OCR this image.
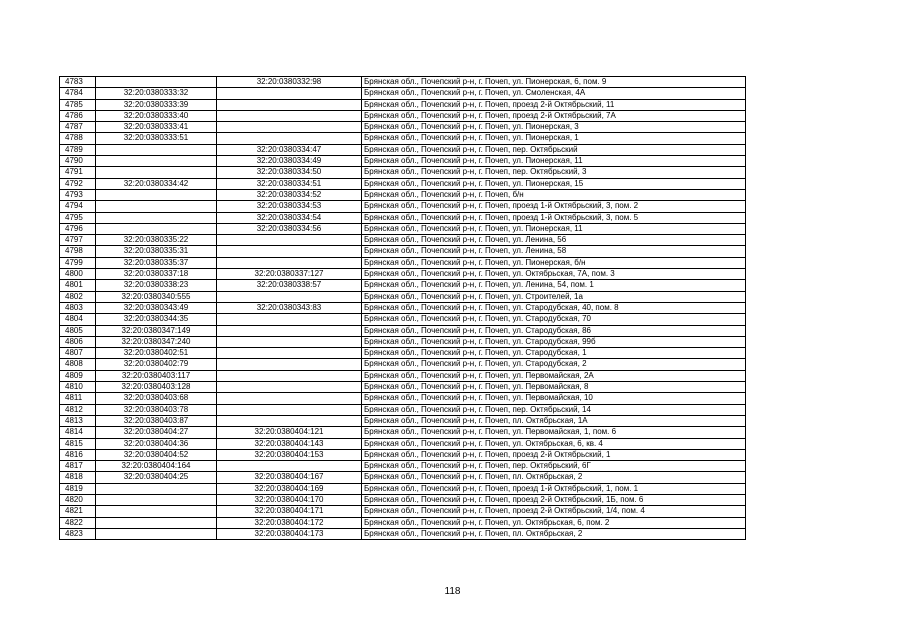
4783		32:20:0380332:98	Брянская обл., Почепский р-н, г. Почеп, ул. Пионерская, 6, пом. 9
4784	32:20:0380333:32		Брянская обл., Почепский р-н, г. Почеп, ул. Смоленская, 4А
4785	32:20:0380333:39		Брянская обл., Почепский р-н, г. Почеп, проезд 2-й Октябрьский, 11
4786	32:20:0380333:40		Брянская обл., Почепский р-н, г. Почеп, проезд 2-й Октябрьский, 7А
4787	32:20:0380333:41		Брянская обл., Почепский р-н, г. Почеп, ул. Пионерская, 3
4788	32:20:0380333:51		Брянская обл., Почепский р-н, г. Почеп, ул. Пионерская, 1
4789		32:20:0380334:47	Брянская обл., Почепский р-н, г. Почеп, пер. Октябрьский
4790		32:20:0380334:49	Брянская обл., Почепский р-н, г. Почеп, ул. Пионерская, 11
4791		32:20:0380334:50	Брянская обл., Почепский р-н, г. Почеп, пер. Октябрьский, 3
4792	32:20:0380334:42	32:20:0380334:51	Брянская обл., Почепский р-н, г. Почеп, ул. Пионерская, 15
4793		32:20:0380334:52	Брянская обл., Почепский р-н, г. Почеп, б/н
4794		32:20:0380334:53	Брянская обл., Почепский р-н, г. Почеп, проезд 1-й Октябрьский, 3, пом. 2
4795		32:20:0380334:54	Брянская обл., Почепский р-н, г. Почеп, проезд 1-й Октябрьский, 3, пом. 5
4796		32:20:0380334:56	Брянская обл., Почепский р-н, г. Почеп, ул. Пионерская, 11
4797	32:20:0380335:22		Брянская обл., Почепский р-н, г. Почеп, ул. Ленина, 56
4798	32:20:0380335:31		Брянская обл., Почепский р-н, г. Почеп, ул. Ленина, 58
4799	32:20:0380335:37		Брянская обл., Почепский р-н, г. Почеп, ул. Пионерская, б/н
4800	32:20:0380337:18	32:20:0380337:127	Брянская обл., Почепский р-н, г. Почеп, ул. Октябрьская, 7А, пом. 3
4801	32:20:0380338:23	32:20:0380338:57	Брянская обл., Почепский р-н, г. Почеп, ул. Ленина, 54, пом. 1
4802	32:20:0380340:555		Брянская обл., Почепский р-н, г. Почеп, ул. Строителей, 1а
4803	32:20:0380343:49	32:20:0380343:83	Брянская обл., Почепский р-н, г. Почеп, ул. Стародубская, 40, пом. 8
4804	32:20:0380344:35		Брянская обл., Почепский р-н, г. Почеп, ул. Стародубская, 70
4805	32:20:0380347:149		Брянская обл., Почепский р-н, г. Почеп, ул. Стародубская, 86
4806	32:20:0380347:240		Брянская обл., Почепский р-н, г. Почеп, ул. Стародубская, 99б
4807	32:20:0380402:51		Брянская обл., Почепский р-н, г. Почеп, ул. Стародубская, 1
4808	32:20:0380402:79		Брянская обл., Почепский р-н, г. Почеп, ул. Стародубская, 2
4809	32:20:0380403:117		Брянская обл., Почепский р-н, г. Почеп, ул. Первомайская, 2А
4810	32:20:0380403:128		Брянская обл., Почепский р-н, г. Почеп, ул. Первомайская, 8
4811	32:20:0380403:68		Брянская обл., Почепский р-н, г. Почеп, ул. Первомайская, 10
4812	32:20:0380403:78		Брянская обл., Почепский р-н, г. Почеп, пер. Октябрьский, 14
4813	32:20:0380403:87		Брянская обл., Почепский р-н, г. Почеп, пл. Октябрьская, 1А
4814	32:20:0380404:27	32:20:0380404:121	Брянская обл., Почепский р-н, г. Почеп, ул. Первомайская, 1, пом. 6
4815	32:20:0380404:36	32:20:0380404:143	Брянская обл., Почепский р-н, г. Почеп, ул. Октябрьская, 6, кв. 4
4816	32:20:0380404:52	32:20:0380404:153	Брянская обл., Почепский р-н, г. Почеп, проезд 2-й Октябрьский, 1
4817	32:20:0380404:164		Брянская обл., Почепский р-н, г. Почеп, пер. Октябрьский, 6Г
4818	32:20:0380404:25	32:20:0380404:167	Брянская обл., Почепский р-н, г. Почеп, пл. Октябрьская, 2
4819		32:20:0380404:169	Брянская обл., Почепский р-н, г. Почеп, проезд 1-й Октябрьский, 1, пом. 1
4820		32:20:0380404:170	Брянская обл., Почепский р-н, г. Почеп, проезд 2-й Октябрьский, 1Б, пом. 6
4821		32:20:0380404:171	Брянская обл., Почепский р-н, г. Почеп, проезд 2-й Октябрьский, 1/4, пом. 4
4822		32:20:0380404:172	Брянская обл., Почепский р-н, г. Почеп, ул. Октябрьская, 6, пом. 2
4823		32:20:0380404:173	Брянская обл., Почепский р-н, г. Почеп, пл. Октябрьская, 2
118
